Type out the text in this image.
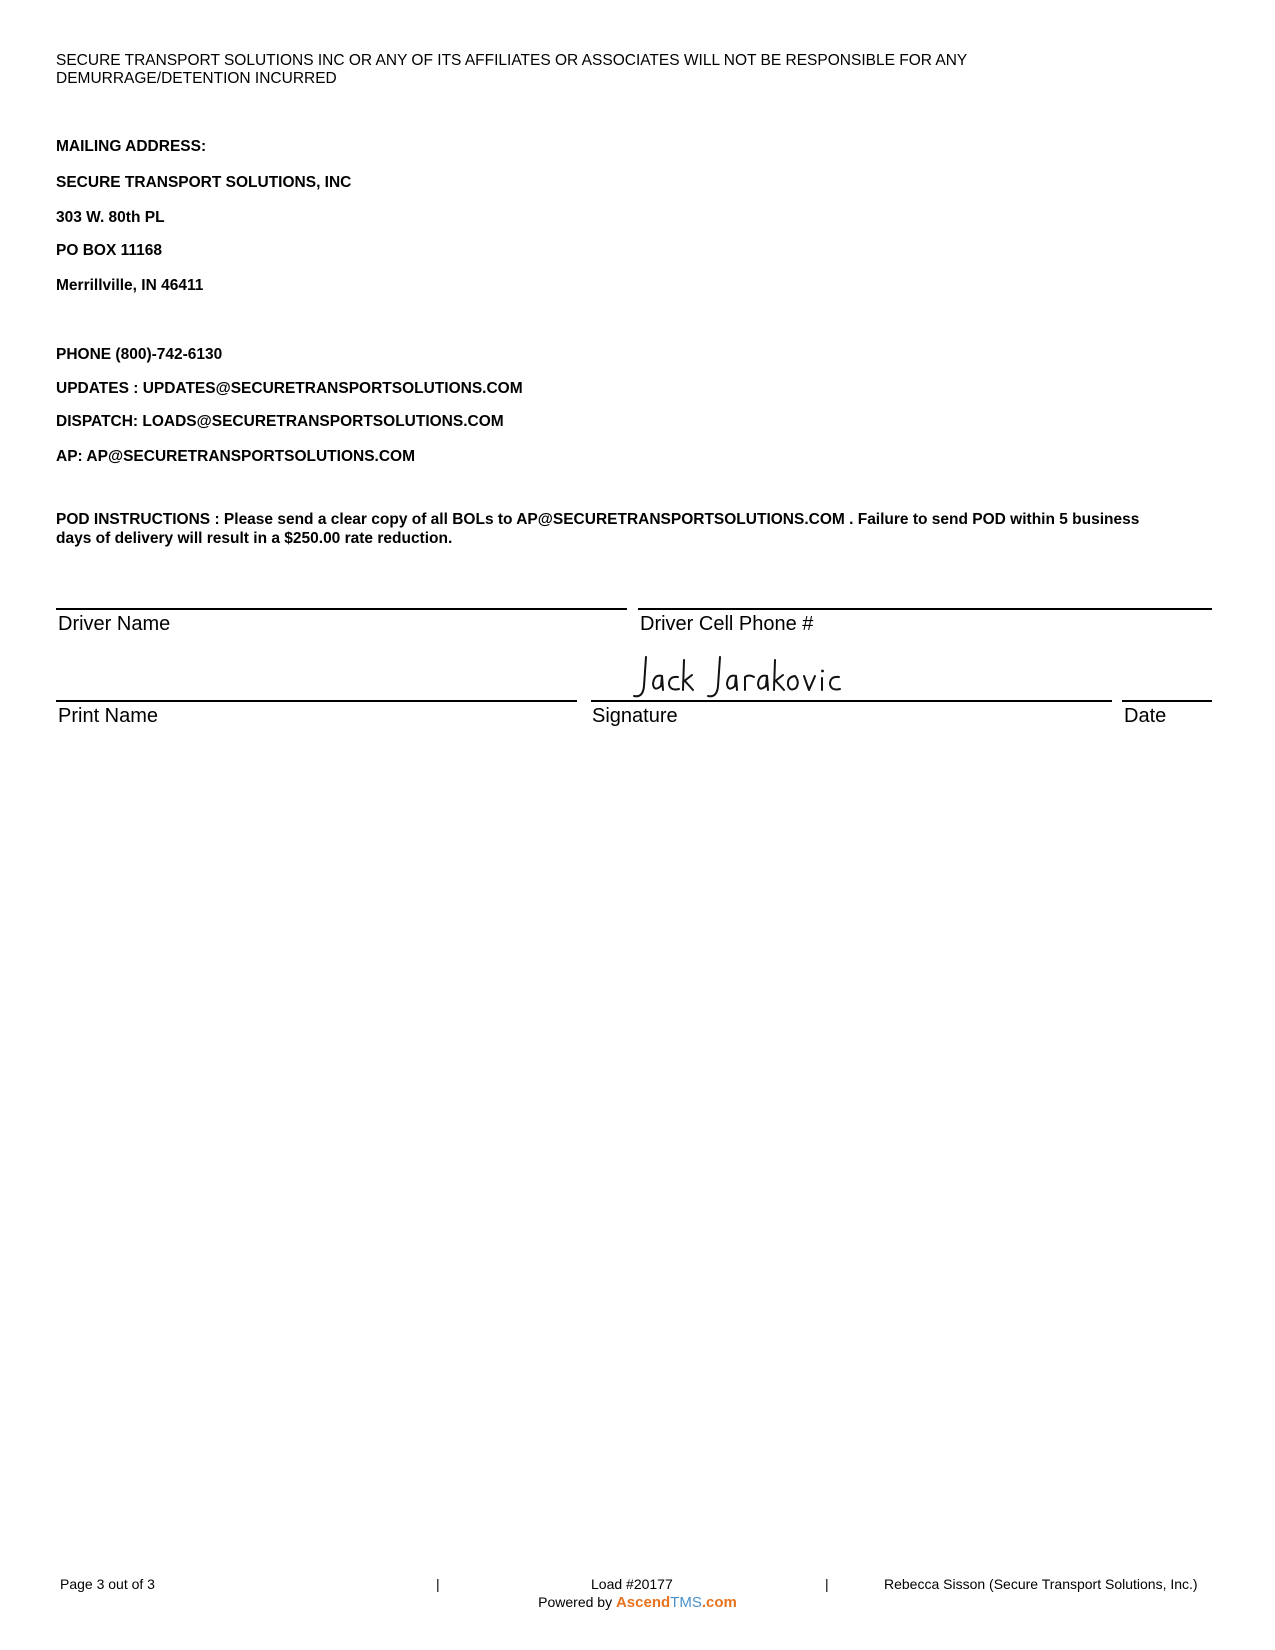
SECURE TRANSPORT SOLUTIONS INC OR ANY OF ITS AFFILIATES OR ASSOCIATES WILL NOT BE RESPONSIBLE FOR ANY DEMURRAGE/DETENTION INCURRED
MAILING ADDRESS:
SECURE TRANSPORT SOLUTIONS, INC
303 W. 80th PL
PO BOX 11168
Merrillville, IN 46411
PHONE (800)-742-6130
UPDATES : UPDATES@SECURETRANSPORTSOLUTIONS.COM
DISPATCH: LOADS@SECURETRANSPORTSOLUTIONS.COM
AP: AP@SECURETRANSPORTSOLUTIONS.COM
POD INSTRUCTIONS : Please send a clear copy of all BOLs to AP@SECURETRANSPORTSOLUTIONS.COM . Failure to send POD within 5 business days of delivery will result in a $250.00 rate reduction.
Driver Name	Driver Cell Phone #
Print Name	Signature	Date
Page 3 out of 3	|	Load #20177	|	Rebecca Sisson (Secure Transport Solutions, Inc.)
Powered by AscendTMS.com
